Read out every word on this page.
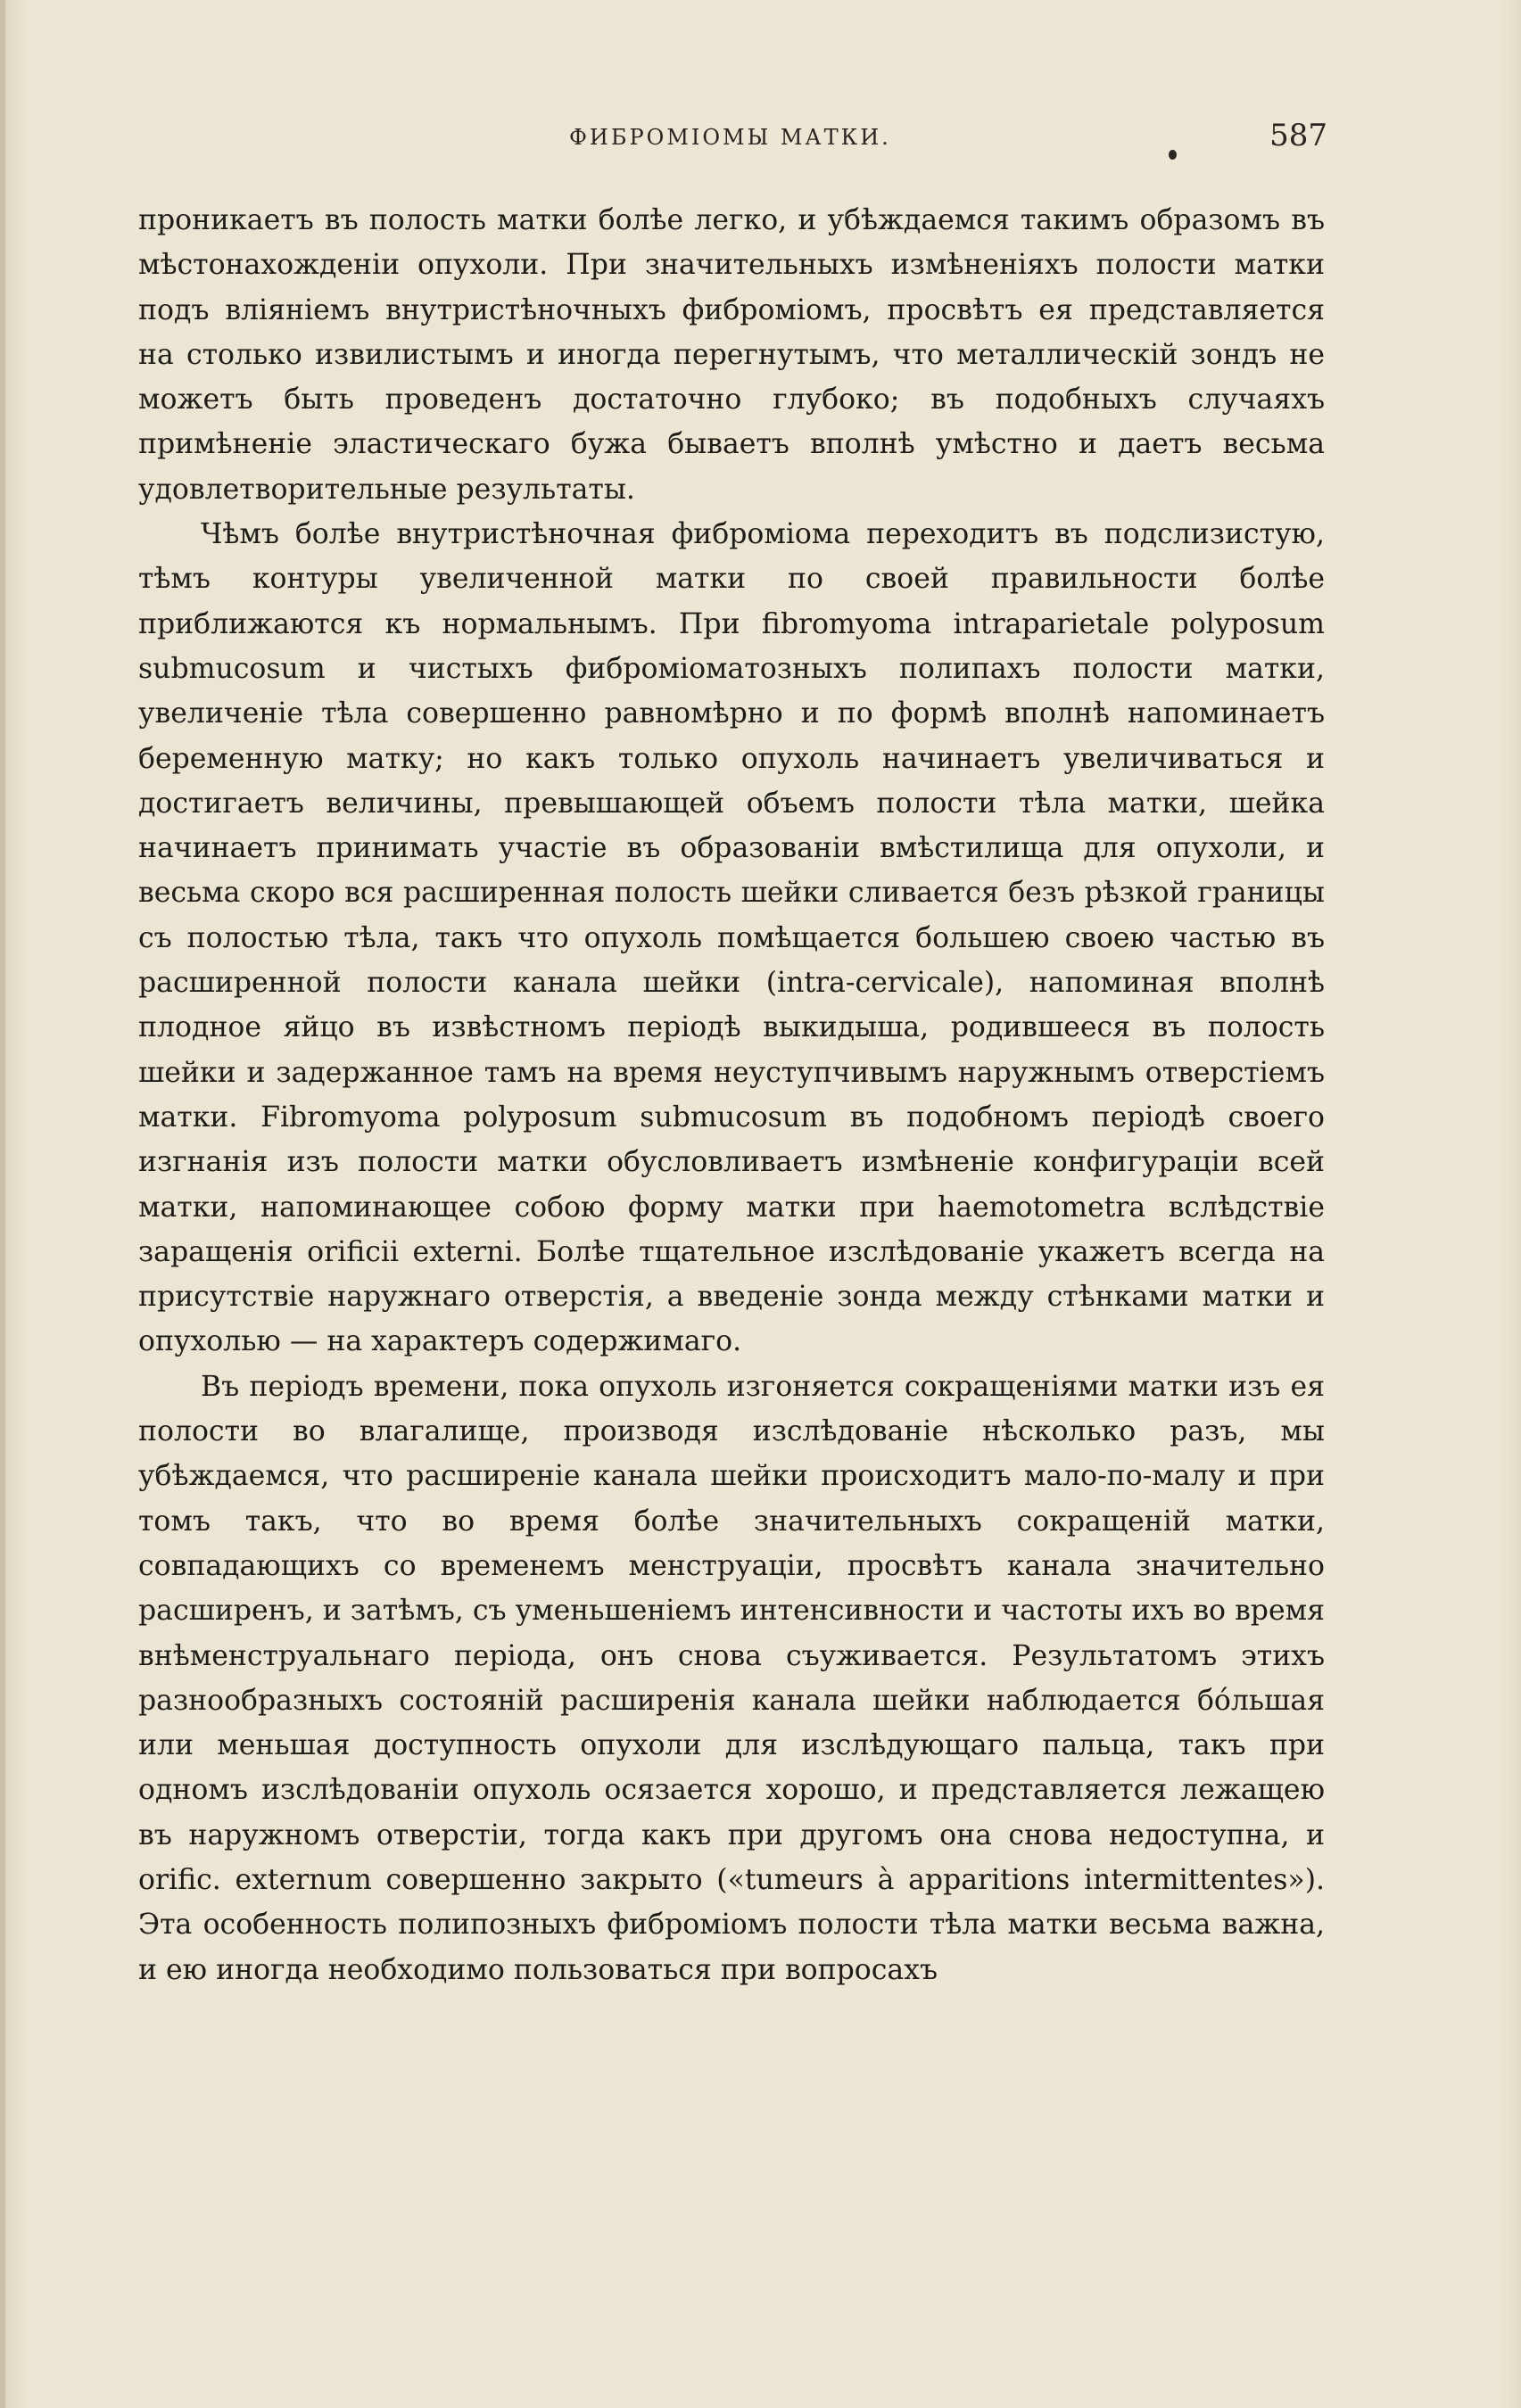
ФИБРОМІОМЫ МАТКИ.	587

проникаетъ въ полость матки болѣе легко, и убѣждаемся такимъ образомъ въ мѣстонахожденіи опухоли. При значительныхъ измѣненіяхъ полости матки подъ вліяніемъ внутристѣночныхъ фиброміомъ, просвѣтъ ея представляется на столько извилистымъ и иногда перегнутымъ, что металлическій зондъ не можетъ быть проведенъ достаточно глубоко; въ подобныхъ случаяхъ примѣненіе эластическаго бужа бываетъ вполнѣ умѣстно и даетъ весьма удовлетворительные результаты.

Чѣмъ болѣе внутристѣночная фиброміома переходитъ въ подслизистую, тѣмъ контуры увеличенной матки по своей правильности болѣе приближаются къ нормальнымъ. При fibromyoma intraparietale polyposum submucosum и чистыхъ фиброміоматозныхъ полипахъ полости матки, увеличеніе тѣла совершенно равномѣрно и по формѣ вполнѣ напоминаетъ беременную матку; но какъ только опухоль начинаетъ увеличиваться и достигаетъ величины, превышающей объемъ полости тѣла матки, шейка начинаетъ принимать участіе въ образованіи вмѣстилища для опухоли, и весьма скоро вся расширенная полость шейки сливается безъ рѣзкой границы съ полостью тѣла, такъ что опухоль помѣщается большею своею частью въ расширенной полости канала шейки (intra-cervicale), напоминая вполнѣ плодное яйцо въ извѣстномъ періодѣ выкидыша, родившееся въ полость шейки и задержанное тамъ на время неуступчивымъ наружнымъ отверстіемъ матки. Fibromyoma polyposum submucosum въ подобномъ періодѣ своего изгнанія изъ полости матки обусловливаетъ измѣненіе конфигураціи всей матки, напоминающее собою форму матки при haemotometra вслѣдствіе заращенія orificii externi. Болѣе тщательное изслѣдованіе укажетъ всегда на присутствіе наружнаго отверстія, а введеніе зонда между стѣнками матки и опухолью — на характеръ содержимаго.

Въ періодъ времени, пока опухоль изгоняется сокращеніями матки изъ ея полости во влагалище, производя изслѣдованіе нѣсколько разъ, мы убѣждаемся, что расширеніе канала шейки происходитъ мало-по-малу и при томъ такъ, что во время болѣе значительныхъ сокращеній матки, совпадающихъ со временемъ менструаціи, просвѣтъ канала значительно расширенъ, и затѣмъ, съ уменьшеніемъ интенсивности и частоты ихъ во время внѣменструальнаго періода, онъ снова съуживается. Результатомъ этихъ разнообразныхъ состояній расширенія канала шейки наблюдается бóльшая или меньшая доступность опухоли для изслѣдующаго пальца, такъ при одномъ изслѣдованіи опухоль осязается хорошо, и представляется лежащею въ наружномъ отверстіи, тогда какъ при другомъ она снова недоступна, и orific. externum совершенно закрыто («tumeurs à apparitions intermittentes»). Эта особенность полипозныхъ фиброміомъ полости тѣла матки весьма важна, и ею иногда необходимо пользоваться при вопросахъ
